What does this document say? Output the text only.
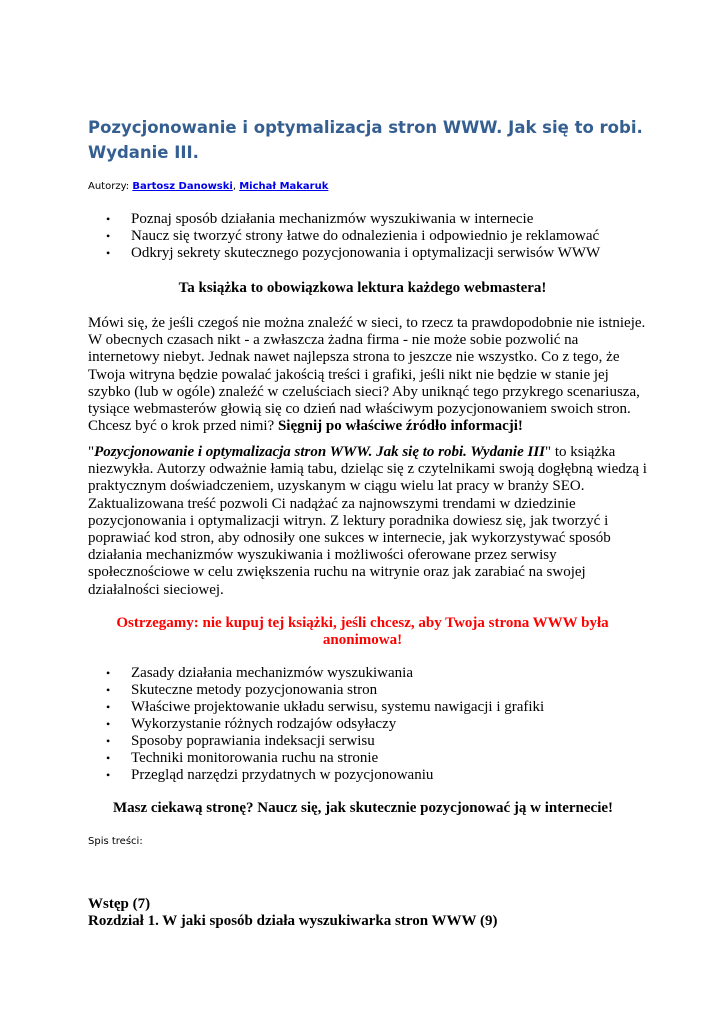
Pozycjonowanie i optymalizacja stron WWW. Jak się to robi. Wydanie III.
Autorzy: Bartosz Danowski, Michał Makaruk
• Poznaj sposób działania mechanizmów wyszukiwania w internecie
• Naucz się tworzyć strony łatwe do odnalezienia i odpowiednio je reklamować
• Odkryj sekrety skutecznego pozycjonowania i optymalizacji serwisów WWW
Ta książka to obowiązkowa lektura każdego webmastera!

Mówi się, że jeśli czegoś nie można znaleźć w sieci, to rzecz ta prawdopodobnie nie istnieje. W obecnych czasach nikt - a zwłaszcza żadna firma - nie może sobie pozwolić na internetowy niebyt. Jednak nawet najlepsza strona to jeszcze nie wszystko. Co z tego, że Twoja witryna będzie powalać jakością treści i grafiki, jeśli nikt nie będzie w stanie jej szybko (lub w ogóle) znaleźć w czeluściach sieci? Aby uniknąć tego przykrego scenariusza, tysiące webmasterów głowią się co dzień nad właściwym pozycjonowaniem swoich stron. Chcesz być o krok przed nimi? Sięgnij po właściwe źródło informacji!

"Pozycjonowanie i optymalizacja stron WWW. Jak się to robi. Wydanie III" to książka niezwykła. Autorzy odważnie łamią tabu, dzieląc się z czytelnikami swoją dogłębną wiedzą i praktycznym doświadczeniem, uzyskanym w ciągu wielu lat pracy w branży SEO. Zaktualizowana treść pozwoli Ci nadążać za najnowszymi trendami w dziedzinie pozycjonowania i optymalizacji witryn. Z lektury poradnika dowiesz się, jak tworzyć i poprawiać kod stron, aby odnosiły one sukces w internecie, jak wykorzystywać sposób działania mechanizmów wyszukiwania i możliwości oferowane przez serwisy społecznościowe w celu zwiększenia ruchu na witrynie oraz jak zarabiać na swojej działalności sieciowej.

Ostrzegamy: nie kupuj tej książki, jeśli chcesz, aby Twoja strona WWW była anonimowa!
• Zasady działania mechanizmów wyszukiwania
• Skuteczne metody pozycjonowania stron
• Właściwe projektowanie układu serwisu, systemu nawigacji i grafiki
• Wykorzystanie różnych rodzajów odsyłaczy
• Sposoby poprawiania indeksacji serwisu
• Techniki monitorowania ruchu na stronie
• Przegląd narzędzi przydatnych w pozycjonowaniu
Masz ciekawą stronę? Naucz się, jak skutecznie pozycjonować ją w internecie!
Spis treści:
Wstęp (7)
Rozdział 1. W jaki sposób działa wyszukiwarka stron WWW (9)
